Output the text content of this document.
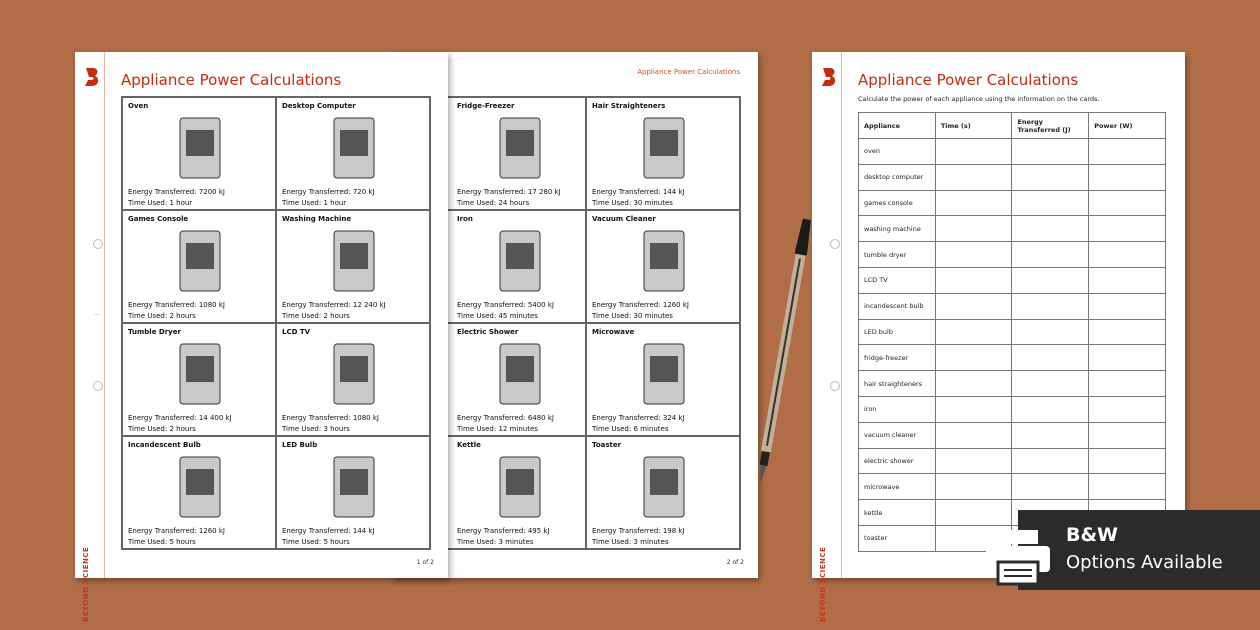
Appliance Power Calculations
Fridge-Freezer
Energy Transferred: 17 280 kJ
Time Used: 24 hours
Hair Straighteners
Energy Transferred: 144 kJ
Time Used: 30 minutes
Iron
Energy Transferred: 5400 kJ
Time Used: 45 minutes
Vacuum Cleaner
Energy Transferred: 1260 kJ
Time Used: 30 minutes
Electric Shower
Energy Transferred: 6480 kJ
Time Used: 12 minutes
Microwave
Energy Transferred: 324 kJ
Time Used: 6 minutes
Kettle
Energy Transferred: 495 kJ
Time Used: 3 minutes
Toaster
Energy Transferred: 198 kJ
Time Used: 3 minutes
2 of 2
BEYOND SCIENCE
Appliance Power Calculations
Oven
Energy Transferred: 7200 kJ
Time Used: 1 hour
Desktop Computer
Energy Transferred: 720 kJ
Time Used: 1 hour
Games Console
Energy Transferred: 1080 kJ
Time Used: 2 hours
Washing Machine
Energy Transferred: 12 240 kJ
Time Used: 2 hours
Tumble Dryer
Energy Transferred: 14 400 kJ
Time Used: 2 hours
LCD TV
Energy Transferred: 1080 kJ
Time Used: 3 hours
Incandescent Bulb
Energy Transferred: 1260 kJ
Time Used: 5 hours
LED Bulb
Energy Transferred: 144 kJ
Time Used: 5 hours
1 of 2	BEYOND SCIENCE
Appliance Power Calculations
Calculate the power of each appliance using the information on the cards.
Appliance	Time (s)	Energy Transferred (J)	Power (W)
oven			
desktop computer			
games console			
washing machine			
tumble dryer			
LCD TV			
incandescent bulb			
LED bulb			
fridge-freezer			
hair straighteners			
iron			
vacuum cleaner			
electric shower			
microwave			
kettle			
toaster				B&W
Options Available
